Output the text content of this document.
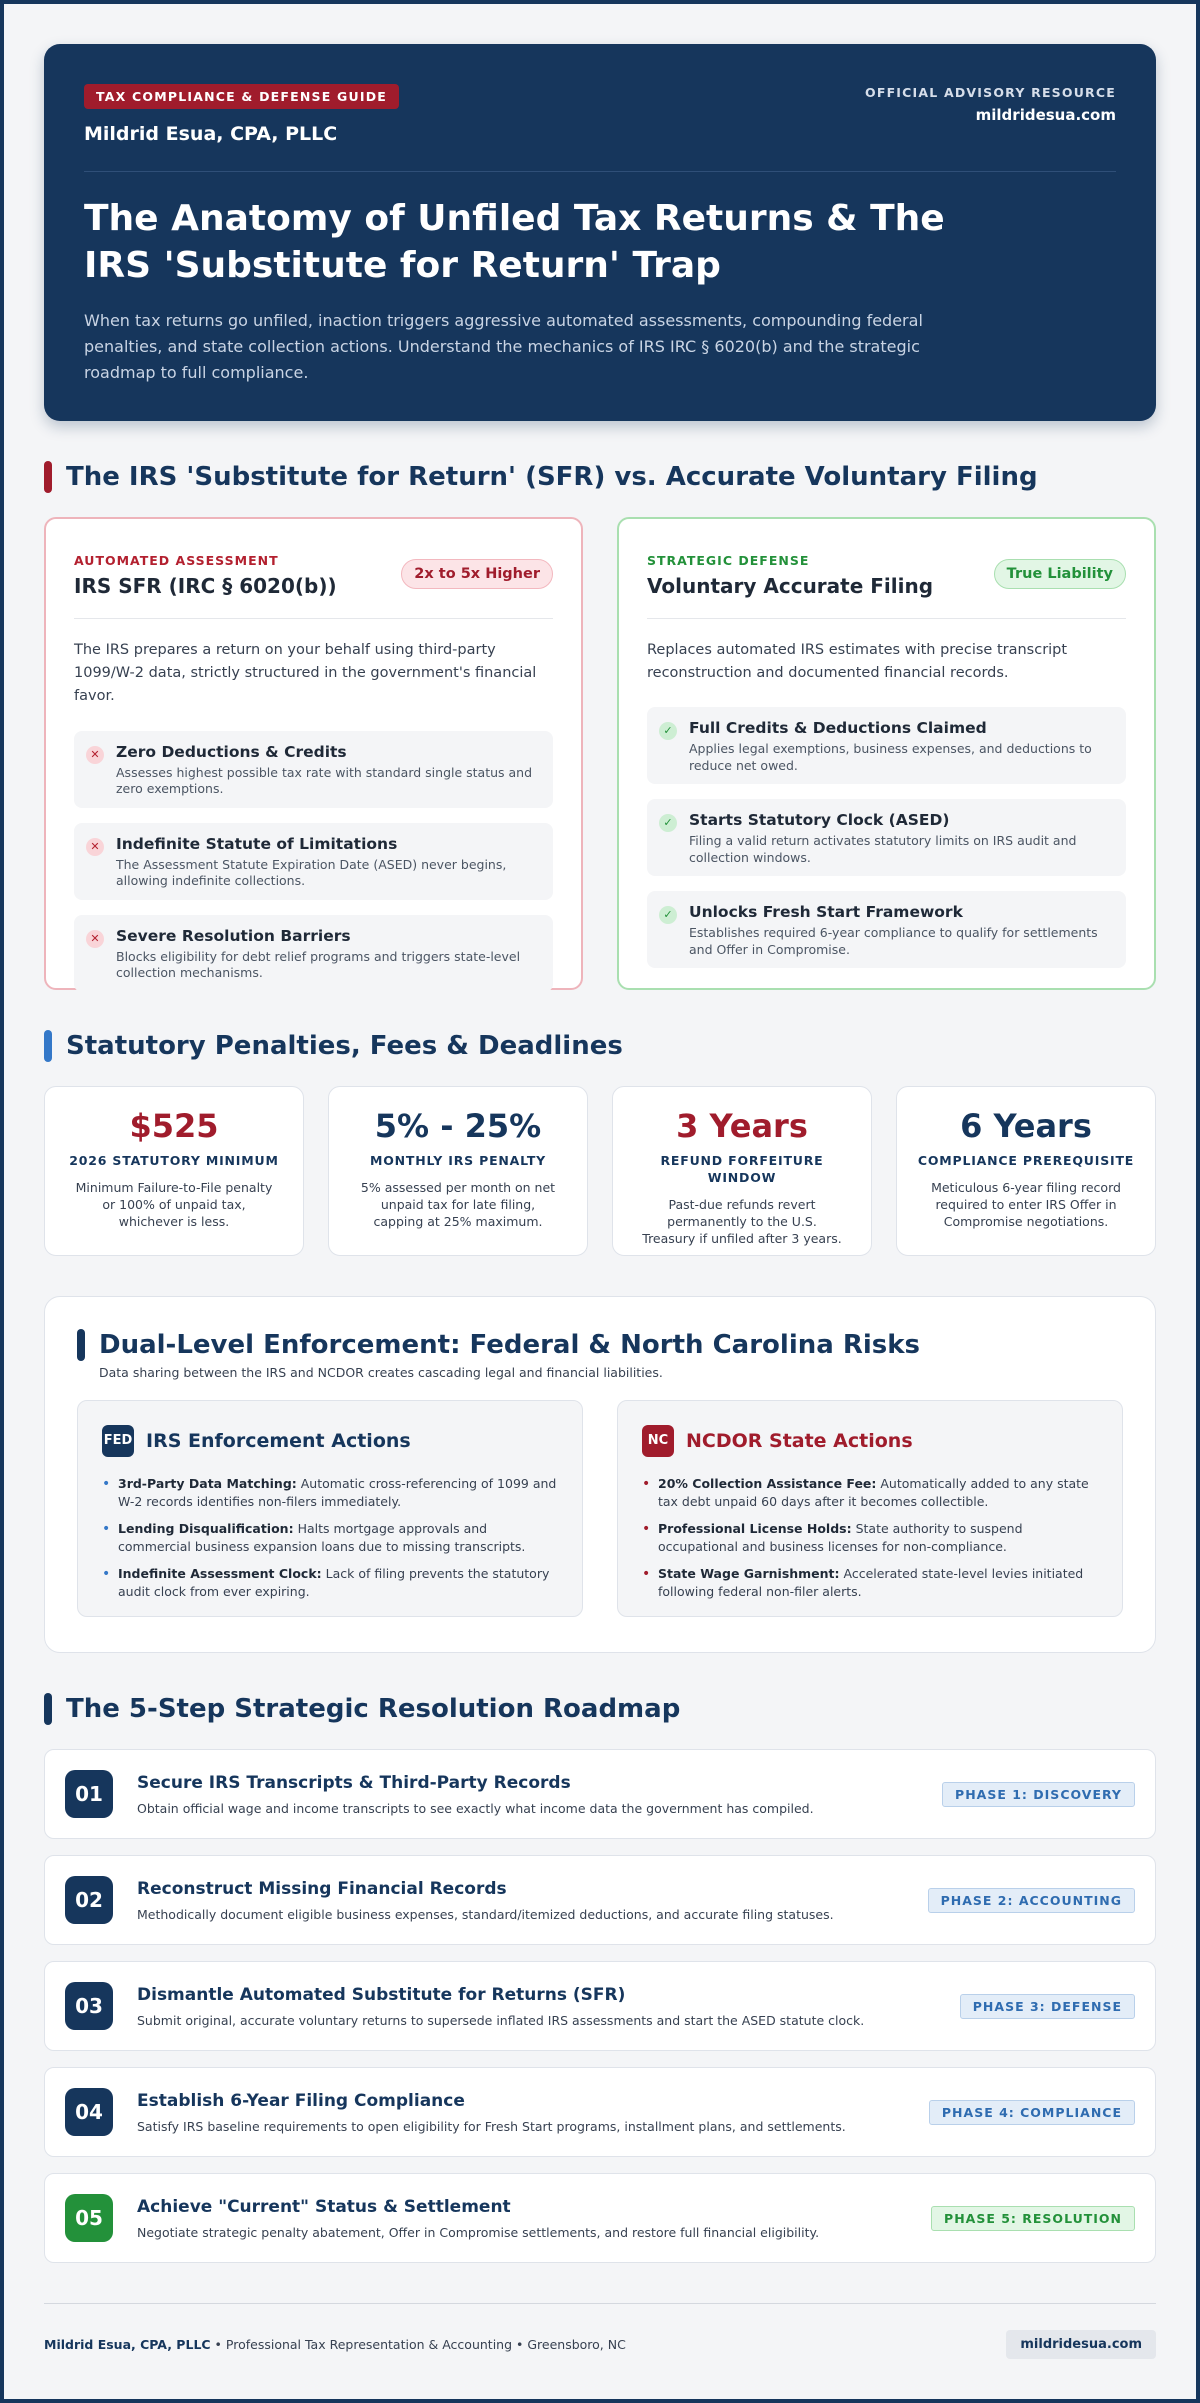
TAX COMPLIANCE & DEFENSE GUIDE
Mildrid Esua, CPA, PLLC
OFFICIAL ADVISORY RESOURCE
mildridesua.com
The Anatomy of Unfiled Tax Returns & The IRS 'Substitute for Return' Trap

When tax returns go unfiled, inaction triggers aggressive automated assessments, compounding federal penalties, and state collection actions. Understand the mechanics of IRS IRC § 6020(b) and the strategic roadmap to full compliance.

The IRS 'Substitute for Return' (SFR) vs. Accurate Voluntary Filing
AUTOMATED ASSESSMENT
IRS SFR (IRC § 6020(b))	2x to 5x Higher

The IRS prepares a return on your behalf using third-party 1099/W-2 data, strictly structured in the government's financial favor.

✕ Zero Deductions & Credits
Assesses highest possible tax rate with standard single status and zero exemptions.
✕ Indefinite Statute of Limitations
The Assessment Statute Expiration Date (ASED) never begins, allowing indefinite collections.
✕ Severe Resolution Barriers
Blocks eligibility for debt relief programs and triggers state-level collection mechanisms.
STRATEGIC DEFENSE
Voluntary Accurate Filing	True Liability

Replaces automated IRS estimates with precise transcript reconstruction and documented financial records.

✓ Full Credits & Deductions Claimed
Applies legal exemptions, business expenses, and deductions to reduce net owed.
✓ Starts Statutory Clock (ASED)
Filing a valid return activates statutory limits on IRS audit and collection windows.
✓ Unlocks Fresh Start Framework
Establishes required 6-year compliance to qualify for settlements and Offer in Compromise.
Statutory Penalties, Fees & Deadlines
$525
2026 STATUTORY MINIMUM
Minimum Failure-to-File penalty or 100% of unpaid tax, whichever is less.
5% - 25%
MONTHLY IRS PENALTY
5% assessed per month on net unpaid tax for late filing, capping at 25% maximum.
3 Years
REFUND FORFEITURE WINDOW
Past-due refunds revert permanently to the U.S. Treasury if unfiled after 3 years.
6 Years
COMPLIANCE PREREQUISITE
Meticulous 6-year filing record required to enter IRS Offer in Compromise negotiations.
Dual-Level Enforcement: Federal & North Carolina Risks
Data sharing between the IRS and NCDOR creates cascading legal and financial liabilities.
FED IRS Enforcement Actions
• 3rd-Party Data Matching: Automatic cross-referencing of 1099 and W-2 records identifies non-filers immediately.
• Lending Disqualification: Halts mortgage approvals and commercial business expansion loans due to missing transcripts.
• Indefinite Assessment Clock: Lack of filing prevents the statutory audit clock from ever expiring.
NC NCDOR State Actions
• 20% Collection Assistance Fee: Automatically added to any state tax debt unpaid 60 days after it becomes collectible.
• Professional License Holds: State authority to suspend occupational and business licenses for non-compliance.
• State Wage Garnishment: Accelerated state-level levies initiated following federal non-filer alerts.
The 5-Step Strategic Resolution Roadmap
01	Secure IRS Transcripts & Third-Party Records
Obtain official wage and income transcripts to see exactly what income data the government has compiled.
PHASE 1: DISCOVERY
02	Reconstruct Missing Financial Records
Methodically document eligible business expenses, standard/itemized deductions, and accurate filing statuses.
PHASE 2: ACCOUNTING
03	Dismantle Automated Substitute for Returns (SFR)
Submit original, accurate voluntary returns to supersede inflated IRS assessments and start the ASED statute clock.
PHASE 3: DEFENSE
04	Establish 6-Year Filing Compliance
Satisfy IRS baseline requirements to open eligibility for Fresh Start programs, installment plans, and settlements.
PHASE 4: COMPLIANCE
05	Achieve "Current" Status & Settlement
Negotiate strategic penalty abatement, Offer in Compromise settlements, and restore full financial eligibility.
PHASE 5: RESOLUTION
Mildrid Esua, CPA, PLLC • Professional Tax Representation & Accounting • Greensboro, NC	mildridesua.com
